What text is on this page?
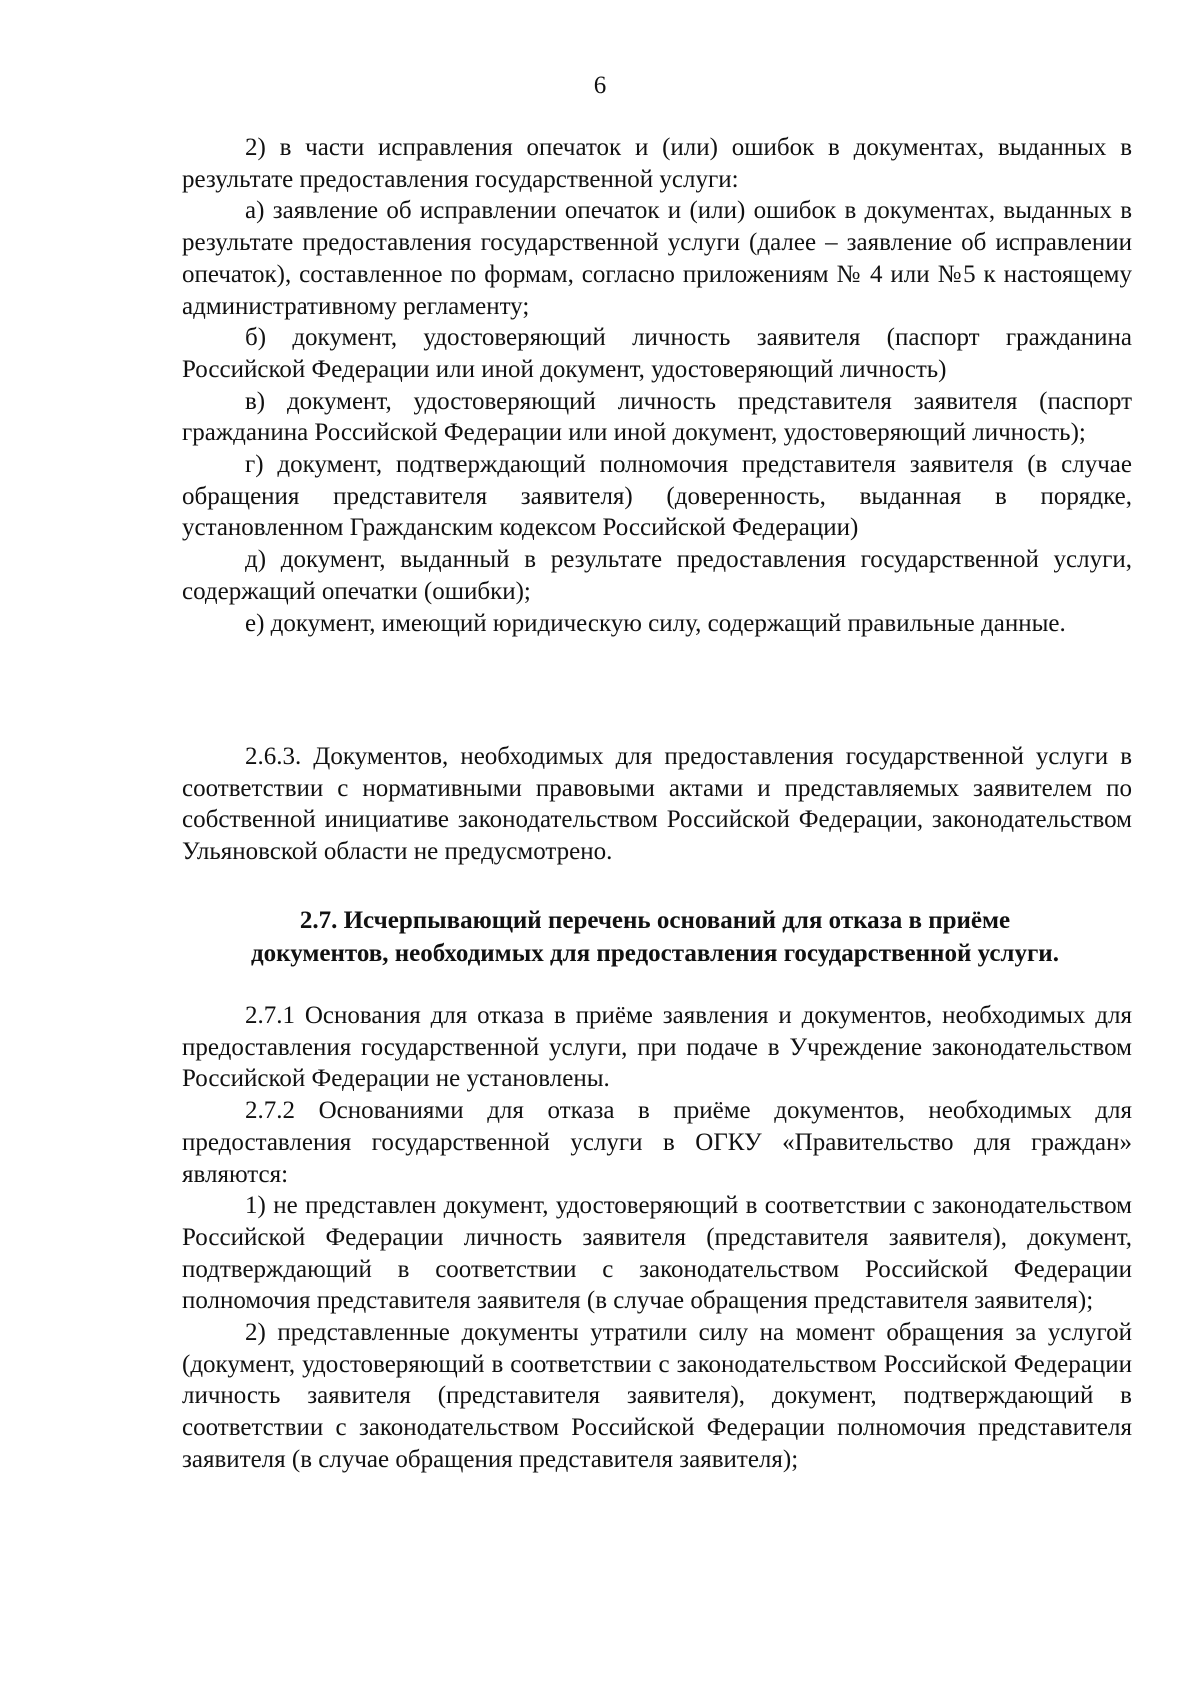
6

2) в части исправления опечаток и (или) ошибок в документах, выданных в результате предоставления государственной услуги:

а) заявление об исправлении опечаток и (или) ошибок в документах, выданных в результате предоставления государственной услуги (далее – заявление об исправлении опечаток), составленное по формам, согласно приложениям № 4 или №5 к настоящему административному регламенту;

б) документ, удостоверяющий личность заявителя (паспорт гражданина Российской Федерации или иной документ, удостоверяющий личность)

в) документ, удостоверяющий личность представителя заявителя (паспорт гражданина Российской Федерации или иной документ, удостоверяющий личность);

г) документ, подтверждающий полномочия представителя заявителя (в случае обращения представителя заявителя) (доверенность, выданная в порядке, установленном Гражданским кодексом Российской Федерации)

д) документ, выданный в результате предоставления государственной услуги, содержащий опечатки (ошибки);

е) документ, имеющий юридическую силу, содержащий правильные данные.

2.6.3. Документов, необходимых для предоставления государственной услуги в соответствии с нормативными правовыми актами и представляемых заявителем по собственной инициативе законодательством Российской Федерации, законодательством Ульяновской области не предусмотрено.

2.7. Исчерпывающий перечень оснований для отказа в приёме
документов, необходимых для предоставления государственной услуги.

2.7.1 Основания для отказа в приёме заявления и документов, необходимых для предоставления государственной услуги, при подаче в Учреждение законодательством Российской Федерации не установлены.

2.7.2 Основаниями для отказа в приёме документов, необходимых для предоставления государственной услуги в ОГКУ «Правительство для граждан» являются:

1) не представлен документ, удостоверяющий в соответствии с законодательством Российской Федерации личность заявителя (представителя заявителя), документ, подтверждающий в соответствии с законодательством Российской Федерации полномочия представителя заявителя (в случае обращения представителя заявителя);

2) представленные документы утратили силу на момент обращения за услугой (документ, удостоверяющий в соответствии с законодательством Российской Федерации личность заявителя (представителя заявителя), документ, подтверждающий в соответствии с законодательством Российской Федерации полномочия представителя заявителя (в случае обращения представителя заявителя);
